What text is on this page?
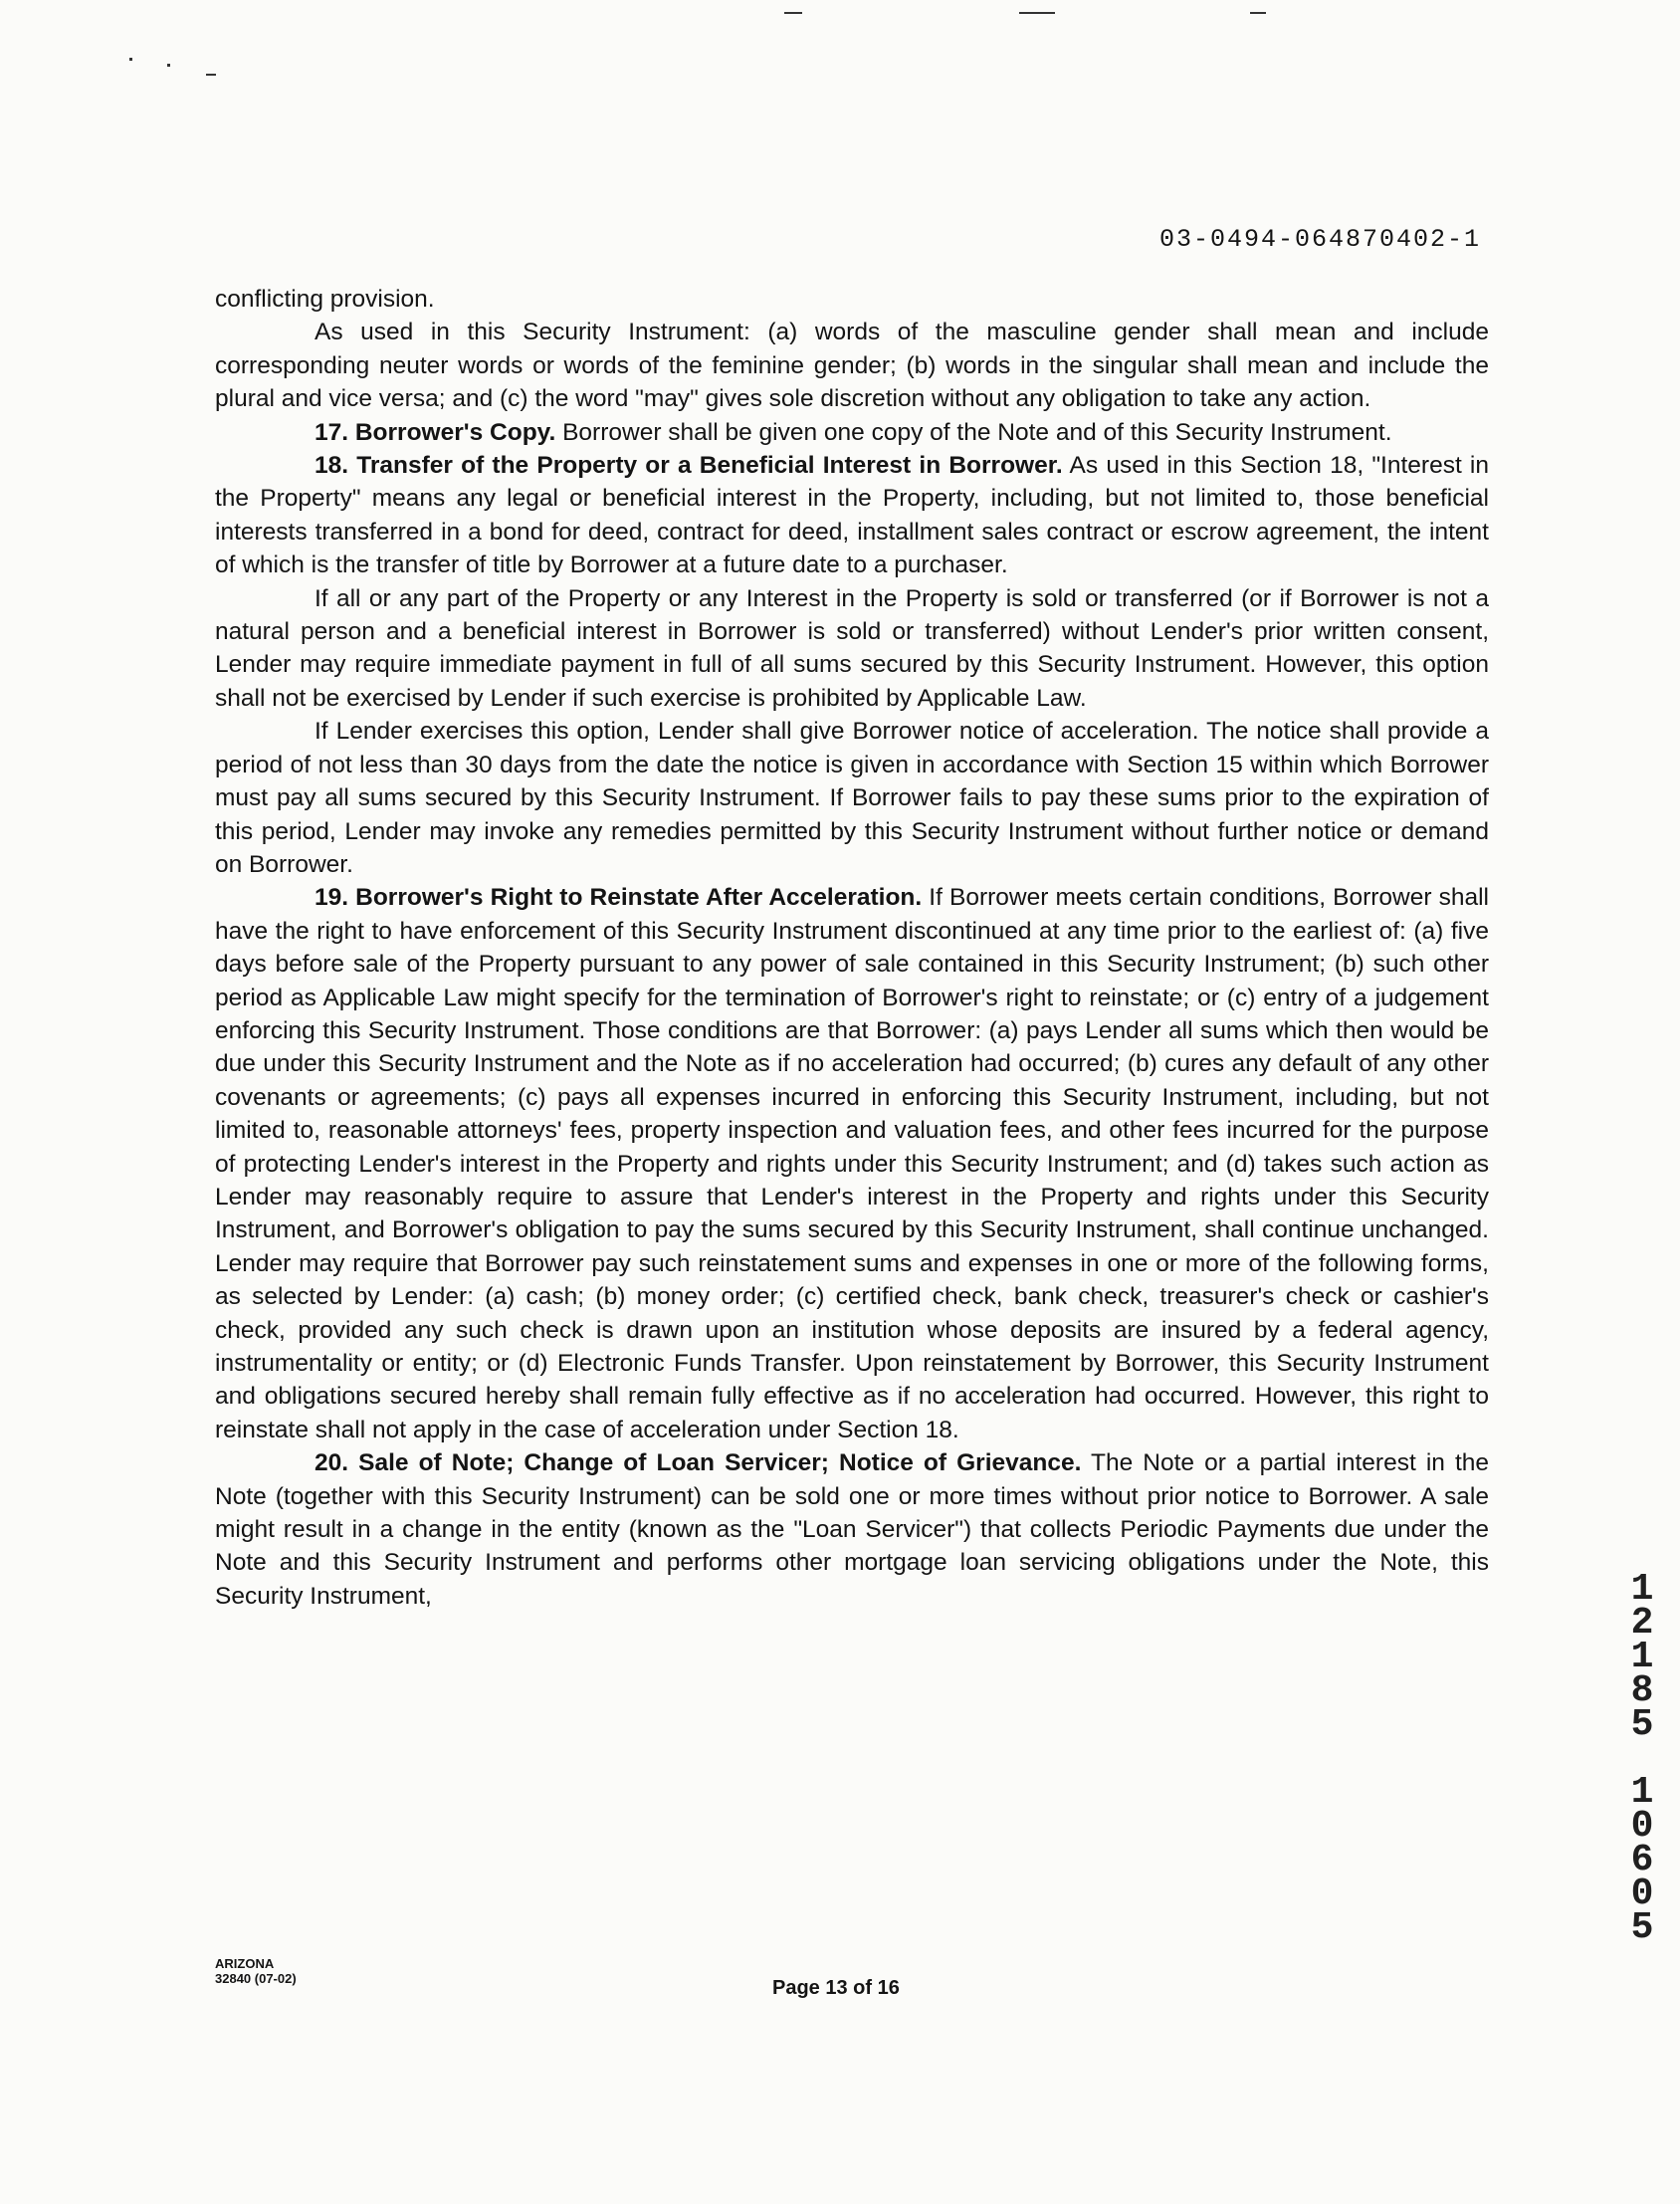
03-0494-064870402-1

conflicting provision.

As used in this Security Instrument: (a) words of the masculine gender shall mean and include corresponding neuter words or words of the feminine gender; (b) words in the singular shall mean and include the plural and vice versa; and (c) the word "may" gives sole discretion without any obligation to take any action.

17. Borrower's Copy. Borrower shall be given one copy of the Note and of this Security Instrument.

18. Transfer of the Property or a Beneficial Interest in Borrower. As used in this Section 18, "Interest in the Property" means any legal or beneficial interest in the Property, including, but not limited to, those beneficial interests transferred in a bond for deed, contract for deed, installment sales contract or escrow agreement, the intent of which is the transfer of title by Borrower at a future date to a purchaser.

If all or any part of the Property or any Interest in the Property is sold or transferred (or if Borrower is not a natural person and a beneficial interest in Borrower is sold or transferred) without Lender's prior written consent, Lender may require immediate payment in full of all sums secured by this Security Instrument. However, this option shall not be exercised by Lender if such exercise is prohibited by Applicable Law.

If Lender exercises this option, Lender shall give Borrower notice of acceleration. The notice shall provide a period of not less than 30 days from the date the notice is given in accordance with Section 15 within which Borrower must pay all sums secured by this Security Instrument. If Borrower fails to pay these sums prior to the expiration of this period, Lender may invoke any remedies permitted by this Security Instrument without further notice or demand on Borrower.

19. Borrower's Right to Reinstate After Acceleration. If Borrower meets certain conditions, Borrower shall have the right to have enforcement of this Security Instrument discontinued at any time prior to the earliest of: (a) five days before sale of the Property pursuant to any power of sale contained in this Security Instrument; (b) such other period as Applicable Law might specify for the termination of Borrower's right to reinstate; or (c) entry of a judgement enforcing this Security Instrument. Those conditions are that Borrower: (a) pays Lender all sums which then would be due under this Security Instrument and the Note as if no acceleration had occurred; (b) cures any default of any other covenants or agreements; (c) pays all expenses incurred in enforcing this Security Instrument, including, but not limited to, reasonable attorneys' fees, property inspection and valuation fees, and other fees incurred for the purpose of protecting Lender's interest in the Property and rights under this Security Instrument; and (d) takes such action as Lender may reasonably require to assure that Lender's interest in the Property and rights under this Security Instrument, and Borrower's obligation to pay the sums secured by this Security Instrument, shall continue unchanged. Lender may require that Borrower pay such reinstatement sums and expenses in one or more of the following forms, as selected by Lender: (a) cash; (b) money order; (c) certified check, bank check, treasurer's check or cashier's check, provided any such check is drawn upon an institution whose deposits are insured by a federal agency, instrumentality or entity; or (d) Electronic Funds Transfer. Upon reinstatement by Borrower, this Security Instrument and obligations secured hereby shall remain fully effective as if no acceleration had occurred. However, this right to reinstate shall not apply in the case of acceleration under Section 18.

20. Sale of Note; Change of Loan Servicer; Notice of Grievance. The Note or a partial interest in the Note (together with this Security Instrument) can be sold one or more times without prior notice to Borrower. A sale might result in a change in the entity (known as the "Loan Servicer") that collects Periodic Payments due under the Note and this Security Instrument and performs other mortgage loan servicing obligations under the Note, this Security Instrument,	1
2
1
8
5
1
0
6
0
5
ARIZONA
32840 (07-02)	Page 13 of 16
